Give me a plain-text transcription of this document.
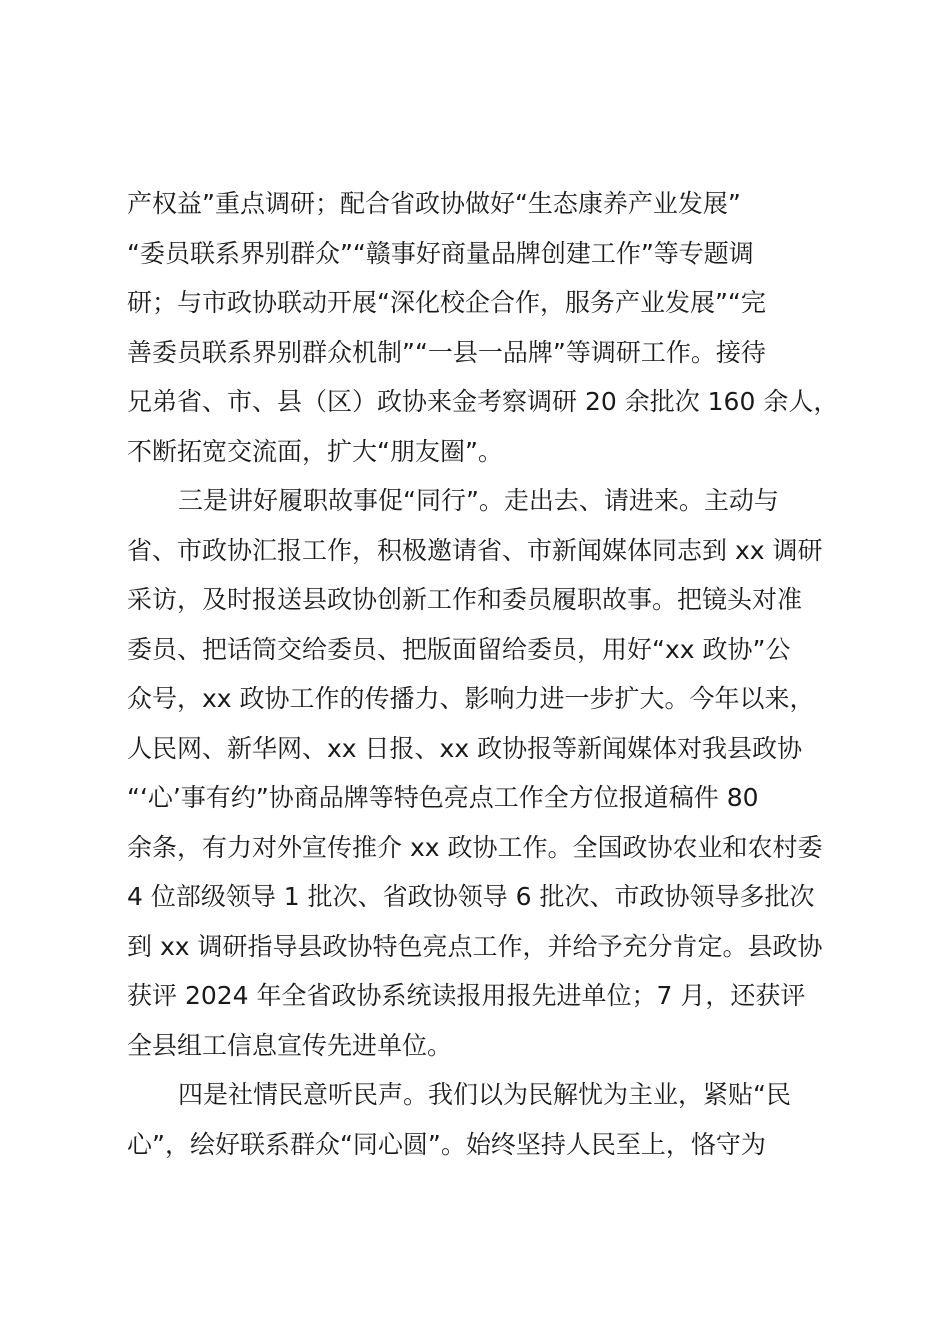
产权益”重点调研；配合省政协做好“生态康养产业发展”
“委员联系界别群众”“赣事好商量品牌创建工作”等专题调
研；与市政协联动开展“深化校企合作，服务产业发展”“完
善委员联系界别群众机制”“一县一品牌”等调研工作。接待
兄弟省、市、县（区）政协来金考察调研 20 余批次 160 余人，
不断拓宽交流面，扩大“朋友圈”。
三是讲好履职故事促“同行”。走出去、请进来。主动与
省、市政协汇报工作，积极邀请省、市新闻媒体同志到 xx 调研
采访，及时报送县政协创新工作和委员履职故事。把镜头对准
委员、把话筒交给委员、把版面留给委员，用好“xx 政协”公
众号，xx 政协工作的传播力、影响力进一步扩大。今年以来，
人民网、新华网、xx 日报、xx 政协报等新闻媒体对我县政协
“‘心’事有约”协商品牌等特色亮点工作全方位报道稿件 80
余条，有力对外宣传推介 xx 政协工作。全国政协农业和农村委
4 位部级领导 1 批次、省政协领导 6 批次、市政协领导多批次
到 xx 调研指导县政协特色亮点工作，并给予充分肯定。县政协
获评 2024 年全省政协系统读报用报先进单位；7 月，还获评
全县组工信息宣传先进单位。
四是社情民意听民声。我们以为民解忧为主业，紧贴“民
心”，绘好联系群众“同心圆”。始终坚持人民至上，恪守为
